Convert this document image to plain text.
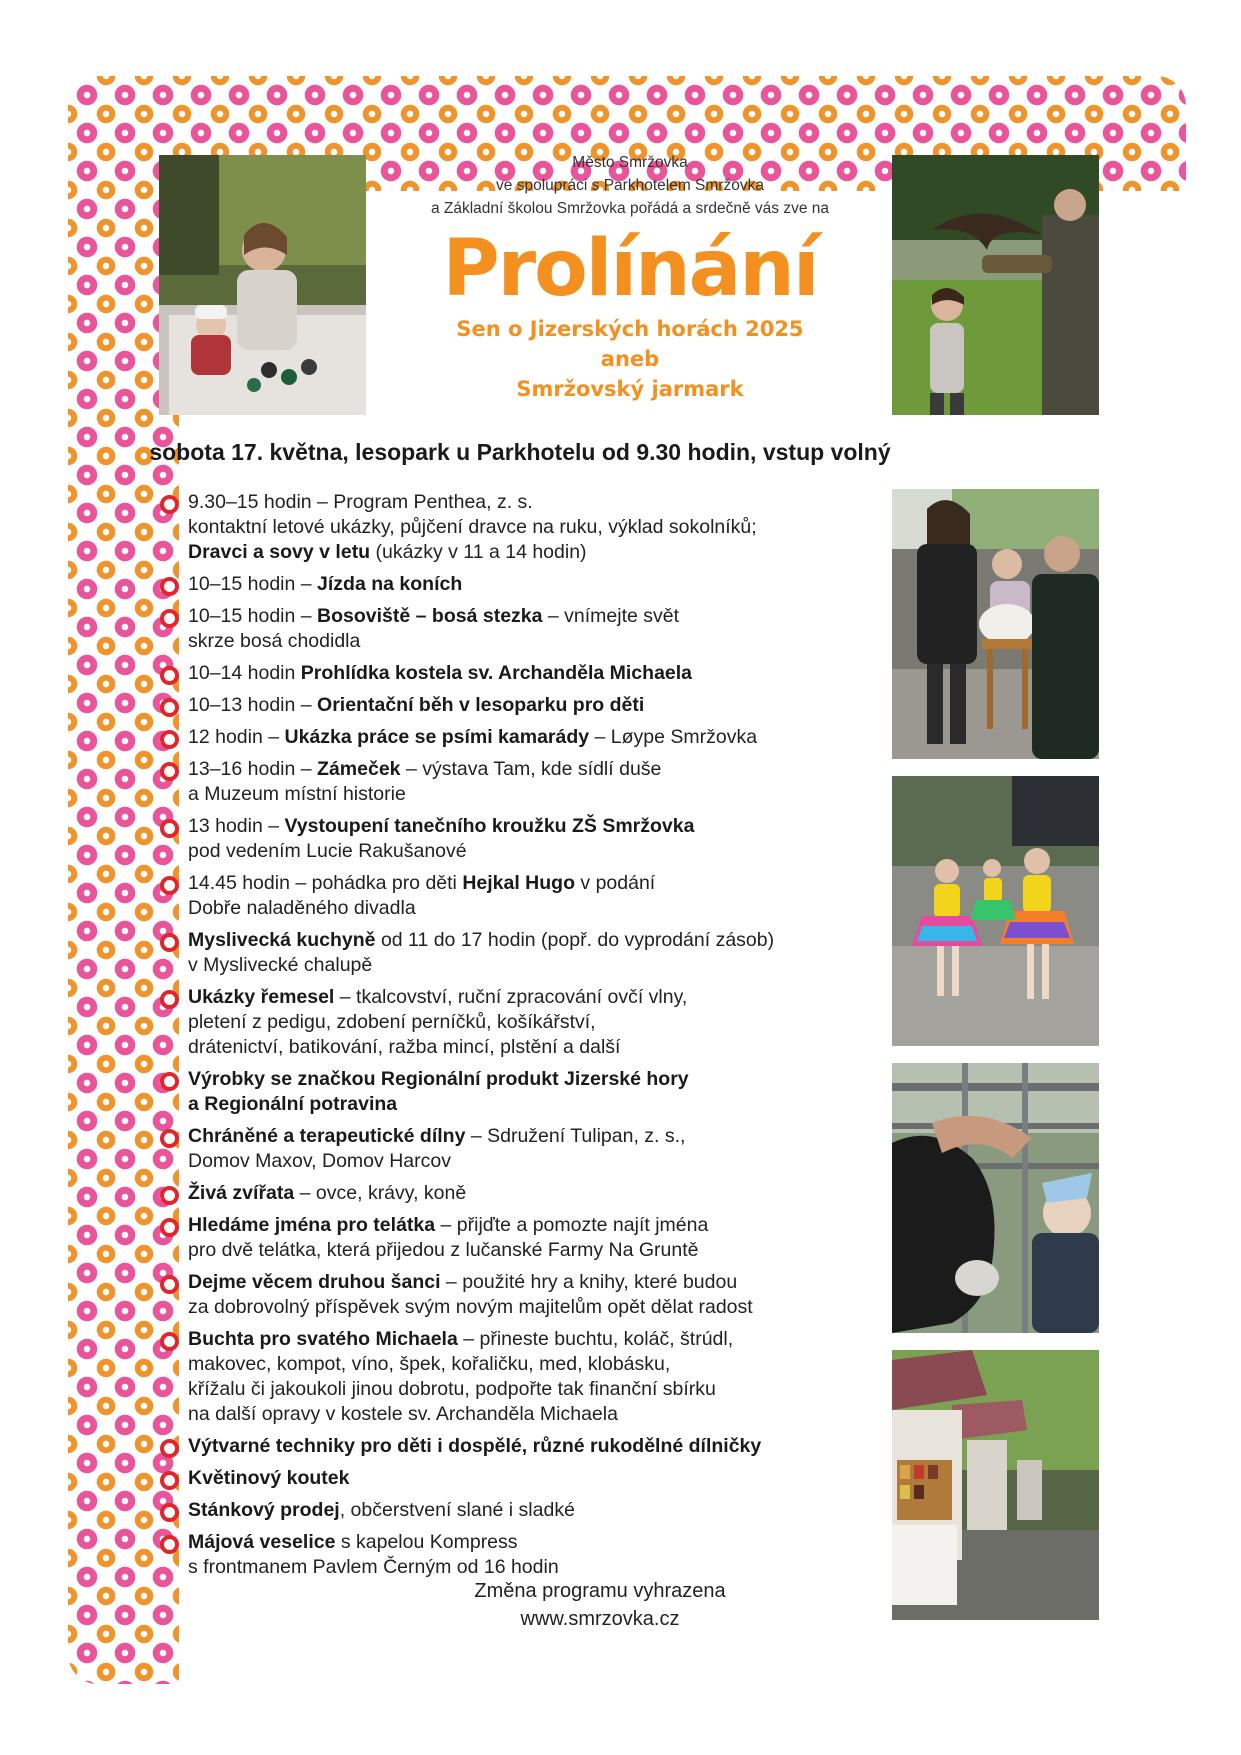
Město Smržovka
ve spolupráci s Parkhotelem Smržovka
a Základní školou Smržovka pořádá a srdečně vás zve na
Prolínání
Sen o Jizerských horách 2025
aneb
Smržovský jarmark
sobota 17. května, lesopark u Parkhotelu od 9.30 hodin, vstup volný
9.30–15 hodin – Program Penthea, z. s.
kontaktní letové ukázky, půjčení dravce na ruku, výklad sokolníků;
Dravci a sovy v letu (ukázky v 11 a 14 hodin)
10–15 hodin – Jízda na koních
10–15 hodin – Bosoviště – bosá stezka – vnímejte svět
skrze bosá chodidla
10–14 hodin Prohlídka kostela sv. Archanděla Michaela
10–13 hodin – Orientační běh v lesoparku pro děti
12 hodin – Ukázka práce se psími kamarády – Løype Smržovka
13–16 hodin – Zámeček – výstava Tam, kde sídlí duše
a Muzeum místní historie
13 hodin – Vystoupení tanečního kroužku ZŠ Smržovka
pod vedením Lucie Rakušanové
14.45 hodin – pohádka pro děti Hejkal Hugo v podání
Dobře naladěného divadla
Myslivecká kuchyně od 11 do 17 hodin (popř. do vyprodání zásob)
v Myslivecké chalupě
Ukázky řemesel – tkalcovství, ruční zpracování ovčí vlny,
pletení z pedigu, zdobení perníčků, košíkářství,
drátenictví, batikování, ražba mincí, plstění a další
Výrobky se značkou Regionální produkt Jizerské hory
a Regionální potravina
Chráněné a terapeutické dílny – Sdružení Tulipan, z. s.,
Domov Maxov, Domov Harcov
Živá zvířata – ovce, krávy, koně
Hledáme jména pro telátka – přijďte a pomozte najít jména
pro dvě telátka, která přijedou z lučanské Farmy Na Gruntě
Dejme věcem druhou šanci – použité hry a knihy, které budou
za dobrovolný příspěvek svým novým majitelům opět dělat radost
Buchta pro svatého Michaela – přineste buchtu, koláč, štrúdl,
makovec, kompot, víno, špek, kořaličku, med, klobásku,
křížalu či jakoukoli jinou dobrotu, podpořte tak finanční sbírku
na další opravy v kostele sv. Archanděla Michaela
Výtvarné techniky pro děti i dospělé, různé rukodělné dílničky
Květinový koutek
Stánkový prodej, občerstvení slané i sladké
Májová veselice s kapelou Kompress
s frontmanem Pavlem Černým od 16 hodin
Změna programu vyhrazena
www.smrzovka.cz
